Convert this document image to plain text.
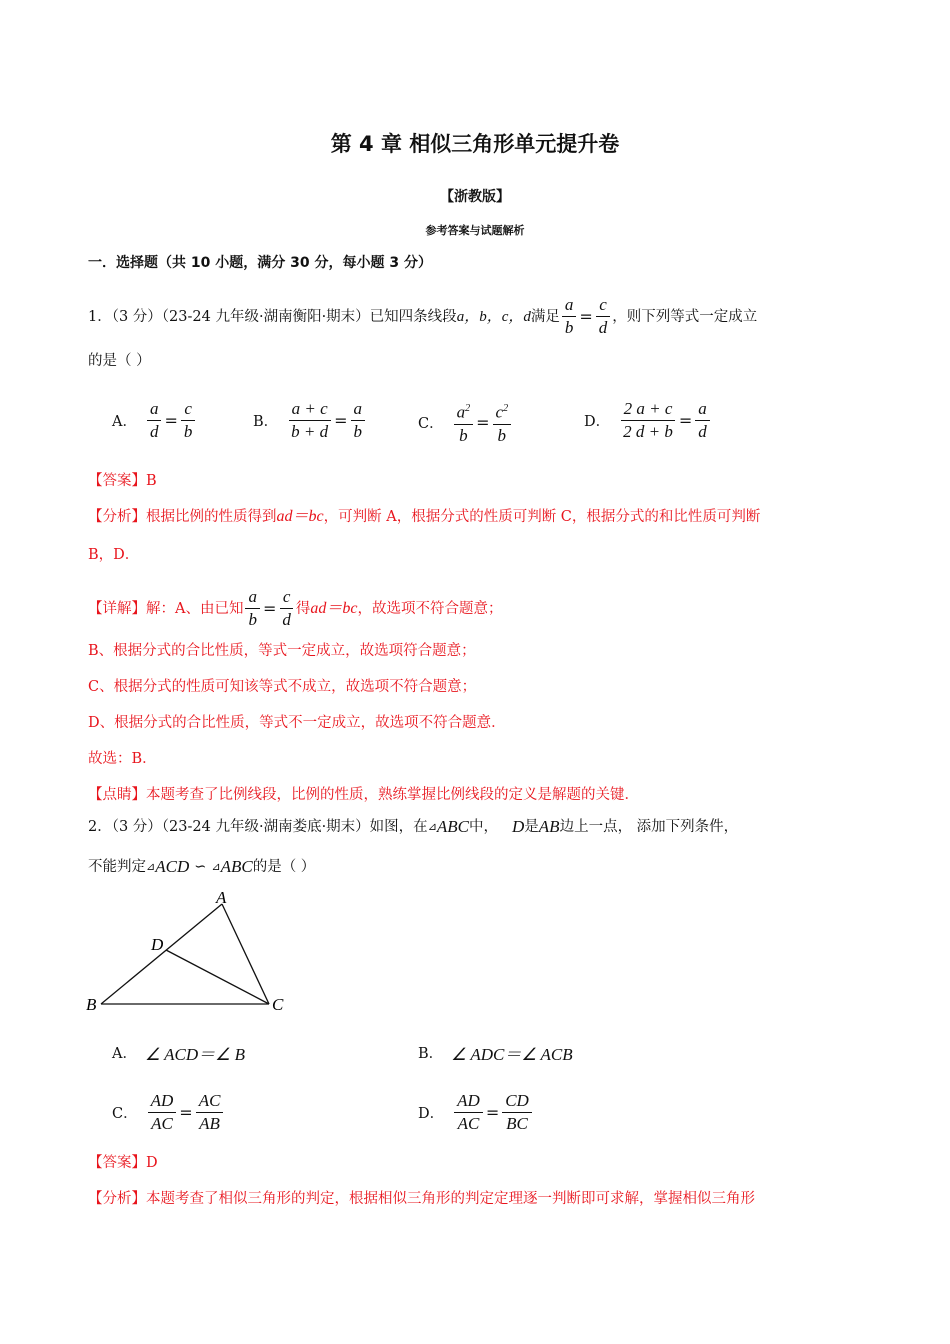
第 4 章 相似三角形单元提升卷
【浙教版】
参考答案与试题解析
一．选择题（共 10 小题，满分 30 分，每小题 3 分）
1．（3 分）（23-24 九年级·湖南衡阳·期末）已知四条线段 a，b，c，d 满足 $\frac{a}{b} = \frac{c}{d}$ ，则下列等式一定成立
的是（ ）
A． $\frac{a}{d} = \frac{c}{b}$	B． $\frac{a + c}{b + d} = \frac{a}{b}$	C． $\frac{a^2}{b} = \frac{c^2}{b}$	D． $\frac{2 a + c}{2 d + b} = \frac{a}{d}$
【答案】B
【分析】根据比例的性质得到ad＝bc，可判断 A，根据分式的性质可判断 C，根据分式的和比性质可判断
B，D．
【详解】 解：A、由已知 $\frac{a}{b} = \frac{c}{d}$ 得 ad＝bc ，故选项不符合题意；
B、根据分式的合比性质，等式一定成立，故选项符合题意；
C、根据分式的性质可知该等式不成立，故选项不符合题意；
D、根据分式的合比性质，等式不一定成立，故选项不符合题意．
故选：B．
【点睛】本题考查了比例线段，比例的性质，熟练掌握比例线段的定义是解题的关键．
2．（3 分）（23-24 九年级·湖南娄底·期末）如图，在 ⊿ ABC 中， D 是 AB 边上一点， 添加下列条件，
不能判定 ⊿ ACD ∽ ⊿ ABC 的是（ ）
A
D
B	C
A． ∠ ACD＝∠ B	B． ∠ ADC＝∠ ACB
C． $\frac{AD}{AC} = \frac{AC}{AB}$	D． $\frac{AD}{AC} = \frac{CD}{BC}$
【答案】D
【分析】本题考查了相似三角形的判定，根据相似三角形的判定定理逐一判断即可求解，掌握相似三角形
